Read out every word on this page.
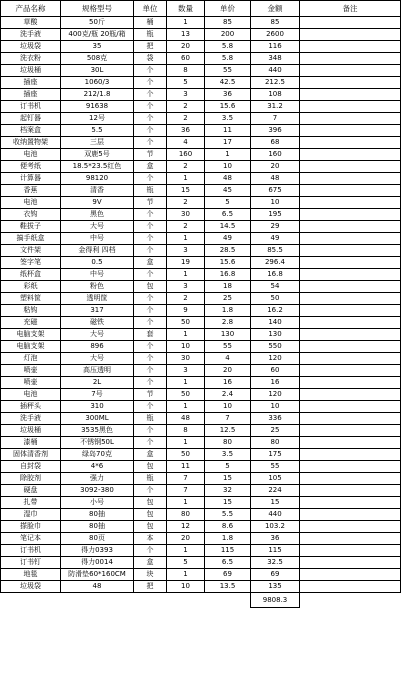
产品名称	规格型号	单位	数量	单价	金额	备注
草酸	50斤	桶	1	85	85	
洗手液	400克/瓶 20瓶/箱	瓶	13	200	2600	
垃圾袋	35	把	20	5.8	116	
洗衣粉	508克	袋	60	5.8	348	
垃圾桶	30L	个	8	55	440	
插座	1060/3	个	5	42.5	212.5	
插座	212/1.8	个	3	36	108	
订书机	91638	个	2	15.6	31.2	
起钉器	12号	个	2	3.5	7	
档案盒	5.5	个	36	11	396	
收纳置物架	三层	个	4	17	68	
电池	双鹿5号	节	160	1	160	
便考纸	18.5*23.5红色	盒	2	10	20	
计算器	98120	个	1	48	48	
香蕉	清香	瓶	15	45	675	
电池	9V	节	2	5	10	
衣钩	黑色	个	30	6.5	195	
鞋拔子	大号	个	2	14.5	29	
搞手纸盒	中号	个	1	49	49	
文件架	金得利 四档	个	3	28.5	85.5	
签字笔	0.5	盒	19	15.6	296.4	
纸杯盒	中号	个	1	16.8	16.8	
彩纸	粉色	包	3	18	54	
塑料筐	透明筐	个	2	25	50	
粘钩	317	个	9	1.8	16.2	
充磁	磁铁	个	50	2.8	140	
电脑支架	大号	套	1	130	130	
电脑支架	896	个	10	55	550	
灯泡	大号	个	30	4	120	
喷壶	高压透明	个	3	20	60	
喷壶	2L	个	1	16	16	
电池	7号	节	50	2.4	120	
插秤头	310	个	1	10	10	
洗手液	300ML	瓶	48	7	336	
垃圾桶	3535黑色	个	8	12.5	25	
漆桶	不锈钢50L	个	1	80	80	
固体清香剂	绿岛70克	盒	50	3.5	175	
自封袋	4*6	包	11	5	55	
除胶剂	强力	瓶	7	15	105	
硬盘	3092-380	个	7	32	224	
扎带	小号	包	1	15	15	
湿巾	80抽	包	80	5.5	440	
搽脸巾	80抽	包	12	8.6	103.2	
笔记本	80页	本	20	1.8	36	
订书机	得力0393	个	1	115	115	
订书钉	得力0014	盒	5	6.5	32.5	
地毯	防滑垫60*160CM	块	1	69	69	
垃圾袋	48	把	10	13.5	135	
					9808.3	
